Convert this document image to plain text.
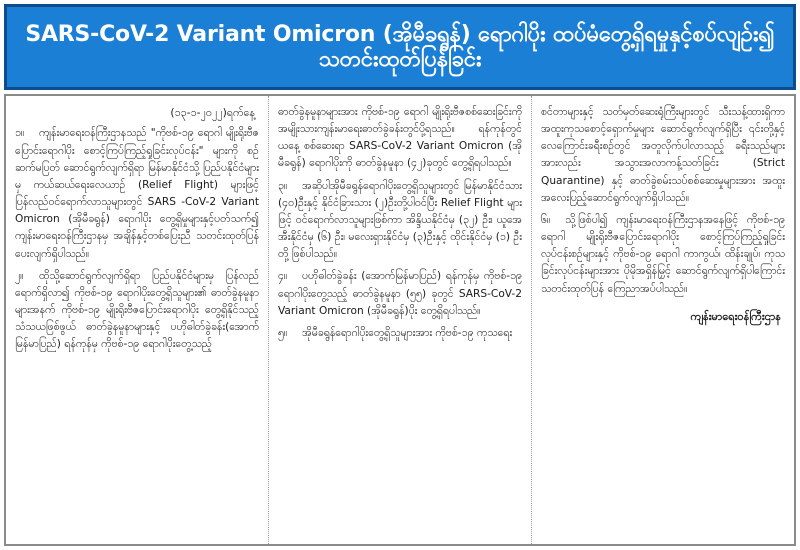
SARS-CoV-2 Variant Omicron (အိုမီခရွန်) ရောဂါပိုး ထပ်မံတွေ့ရှိရမှုနှင့်စပ်လျဉ်း၍ သတင်းထုတ်ပြန်ခြင်း
(၁၃-၁-၂၀၂၂)ရက်နေ့

၁။ ကျန်းမာရေးဝန်ကြီးဌာနသည် "ကိုဗစ်-၁၉ ရောဂါ မျိုးရိုးဗီဇပြောင်းရောဂါပိုး စောင့်ကြပ်ကြည့်ရှုခြင်းလုပ်ငန်း" များကို စဉ်ဆက်မပြတ် ဆောင်ရွက်လျက်ရှိရာ မြန်မာနိုင်ငံသို့ ပြည်ပနိုင်ငံများမှ ကယ်ဆယ်ရေးလေယာဉ် (Relief Flight) များဖြင့် ပြန်လည်ဝင်ရောက်လာသူများတွင် SARS -CoV-2 Variant Omicron (အိုမီခရွန်) ရောဂါပိုး တွေ့ရှိမှုများနှင့်ပတ်သက်၍ ကျန်းမာရေးဝန်ကြီးဌာနမှ အချိန်နှင့်တစ်ပြေးညီ သတင်းထုတ်ပြန်ပေးလျက်ရှိပါသည်။

၂။ ထိုသို့ဆောင်ရွက်လျက်ရှိရာ ပြည်ပနိုင်ငံများမှ ပြန်လည်ရောက်ရှိလာ၍ ကိုဗစ်-၁၉ ရောဂါပိုးတွေ့ရှိသူများ၏ ဓာတ်ခွဲနမူနာများအနက် ကိုဗစ်-၁၉ မျိုးရိုးဗီဇပြောင်းရောဂါပိုး တွေ့ရှိနိုင်သည့် သံသယဖြစ်ဖွယ် ဓာတ်ခွဲနမူနာများနှင့် ပဟိုဓါတ်ခွဲခန်း(အောက်မြန်မာပြည်) ရန်ကုန်မှ ကိုဗစ်-၁၉ ရောဂါပိုးတွေ့သည့်

ဓာတ်ခွဲနမူနာများအား ကိုဗစ်-၁၉ ရောဂါ မျိုးရိုးဗီဇစစ်ဆေးခြင်းကို အမျိုးသားကျန်းမာရေးဓာတ်ခွဲခန်းတွင်ပို့ရသည်။ ရန်ကုန်တွင် ယနေ့ စစ်ဆေးရာ SARS-CoV-2 Variant Omicron (အိုမီခရွန်) ရောဂါပိုးကို ဓာတ်ခွဲနမူနာ (၄၂)ခုတွင် တွေ့ရှိရပါသည်။

၃။ အဆိုပါအိုမီခရွန်ရောဂါပိုးတွေ့ရှိသူများတွင် မြန်မာနိုင်ငံသား (၄၀)ဦးနှင့် နိုင်ငံခြားသား (၂)ဦးတို့ပါဝင်ပြီး Relief Flight များဖြင့် ဝင်ရောက်လာသူများဖြစ်ကာ အိန္ဒိယနိုင်ငံမှ (၃၂) ဦး၊ ယူအေအီးနိုင်ငံမှ (၆) ဦး၊ မလေးရှားနိုင်ငံမှ (၃)ဦးနှင့် ထိုင်းနိုင်ငံမှ (၁) ဦးတို့ ဖြစ်ပါသည်။

၄။ ပဟိုဓါတ်ခွဲခန်း (အောက်မြန်မာပြည်) ရန်ကုန်မှ ကိုဗစ်-၁၉ ရောဂါပိုးတွေ့သည့် ဓာတ်ခွဲနမူနာ (၅၅) ခုတွင် SARS-CoV-2 Variant Omicron (အိုမီခရွန်)ပိုး တွေ့ရှိရပါသည်။

၅။ အိုမီခရွန်ရောဂါပိုးတွေ့ရှိသူများအား ကိုဗစ်-၁၉ ကုသရေး

စင်တာများနှင့် သတ်မှတ်ဆေးရုံကြီးများတွင် သီးသန့်ထားရှိကာ အထူးကုသစောင့်ရှောက်မှုများ ဆောင်ရွက်လျက်ရှိပြီး ၎င်းတို့နှင့် လေကြောင်းခရီးစဉ်တွင် အတူလိုက်ပါလာသည့် ခရီးသည်များအားလည်း အသွားအလာကန့်သတ်ခြင်း (Strict Quarantine) နှင့် ဓာတ်ခွဲစမ်းသပ်စစ်ဆေးမှုများအား အထူးအလေးပြည့်ဆောင်ရွက်လျက်ရှိပါသည်။

၆။ သို့ဖြစ်ပါ၍ ကျန်းမာရေးဝန်ကြီးဌာနအနေဖြင့် ကိုဗစ်-၁၉ ရောဂါ မျိုးရိုးဗီဇပြောင်းရောဂါပိုး စောင့်ကြပ်ကြည့်ရှုခြင်းလုပ်ငန်းစဉ်များနှင့် ကိုဗစ်-၁၉ ရောဂါ ကာကွယ်၊ ထိန်းချုပ်၊ ကုသခြင်းလုပ်ငန်းများအား ပိုမိုအရှိန်မြှင့် ဆောင်ရွက်လျက်ရှိပါကြောင်း သတင်းထုတ်ပြန် ကြေညာအပ်ပါသည်။

ကျန်းမာရေးဝန်ကြီးဌာန
